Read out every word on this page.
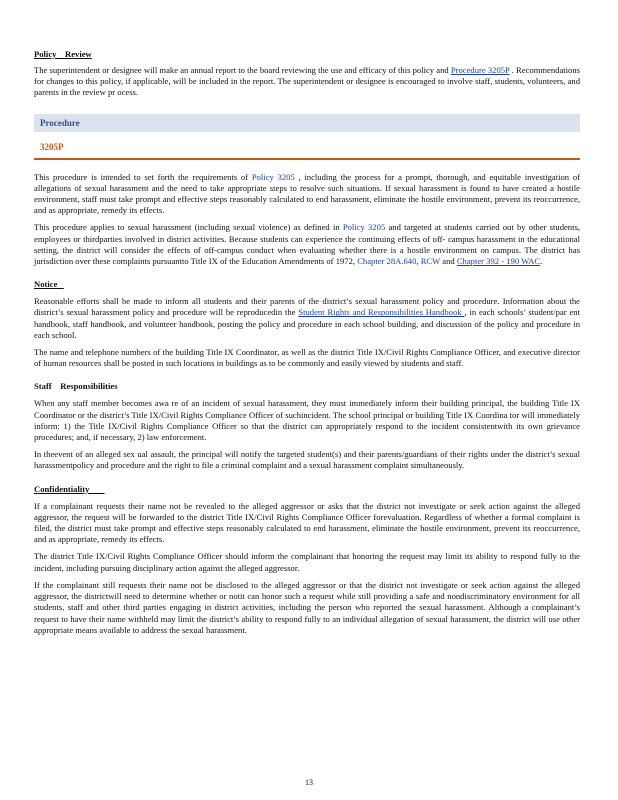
Policy    Review

The superintendent or designee will make an annual report to the board reviewing the use and efficacy of this policy and Procedure 3205P . Recommendations for changes to this policy, if applicable, will be included in the report. The superintendent or designee is encouraged to involve staff, students, volunteers, and parents in the review pr ocess.

Procedure
3205P

This procedure is intended to set forth the requirements of Policy 3205 , including the process for a prompt, thorough, and equitable investigation of allegations of sexual harassment and the need to take appropriate steps to resolve such situations. If sexual harassment is found to have created a hostile environment, staff must take prompt and effective steps reasonably calculated to end harassment, eliminate the hostile environment, prevent its reoccurrence, and as appropriate, remedy its effects.

This procedure applies to sexual harassment (including sexual violence) as defined in Policy 3205 and targeted at students carried out by other students, employees or thirdparties involved in district activities. Because students can experience the continuing effects of off- campus harassment in the educational setting, the district will consider the effects of off-campus conduct when evaluating whether there is a hostile environment on campus. The district has jurisdiction over these complaints pursuantto Title IX of the Education Amendments of 1972, Chapter 28A.640, RCW and Chapter 392 - 190 WAC.

Notice

Reasonable efforts shall be made to inform all students and their parents of the district’s sexual harassment policy and procedure. Information about the district’s sexual harassment policy and procedure will be reproducedin the Student Rights and Responsibilities Handbook , in each schools’ student/par ent handbook, staff handbook, and volunteer handbook, posting the policy and procedure in each school building, and discussion of the policy and procedure in each school.

The name and telephone numbers of the building Title IX Coordinator, as well as the district Title IX/Civil Rights Compliance Officer, and executive director of human resources shall be posted in such locations in buildings as to be commonly and easily viewed by students and staff.

Staff    Responsibilities

When any staff member becomes awa re of an incident of sexual harassment, they must immediately inform their building principal, the building Title IX Coordinator or the district’s Title IX/Civil Rights Compliance Officer of suchincident. The school principal or building Title IX Coordina tor will immediately inform: 1) the Title IX/Civil Rights Compliance Officer so that the district can appropriately respond to the incident consistentwith its own grievance procedures; and, if necessary, 2) law enforcement.

In theevent of an alleged sex ual assault, the principal will notify the targeted student(s) and their parents/guardians of their rights under the district’s sexual harassmentpolicy and procedure and the right to file a criminal complaint and a sexual harassment complaint simultaneously.

Confidentiality

If a complainant requests their name not be revealed to the alleged aggressor or asks that the district not investigate or seek action against the alleged aggressor, the request will be forwarded to the district Title IX/Civil Rights Compliance Officer forevaluation. Regardless of whether a formal complaint is filed, the district must take prompt and effective steps reasonably calculated to end harassment, eliminate the hostile environment, prevent its reoccurrence, and as appropriate, remedy its effects.

The district Title IX/Civil Rights Compliance Officer should inform the complainant that honoring the request may limit its ability to respond fully to the incident, including pursuing disciplinary action against the alleged aggressor.

If the complainant still requests their name not be disclosed to the alleged aggressor or that the district not investigate or seek action against the alleged aggressor, the districtwill need to determine whether or notit can honor such a request while still providing a safe and nondiscriminatory environment for all students, staff and other third parties engaging in district activities, including the person who reported the sexual harassment. Although a complainant’s request to have their name withheld may limit the district’s ability to respond fully to an individual allegation of sexual harassment, the district will use other appropriate means available to address the sexual harassment.

13
